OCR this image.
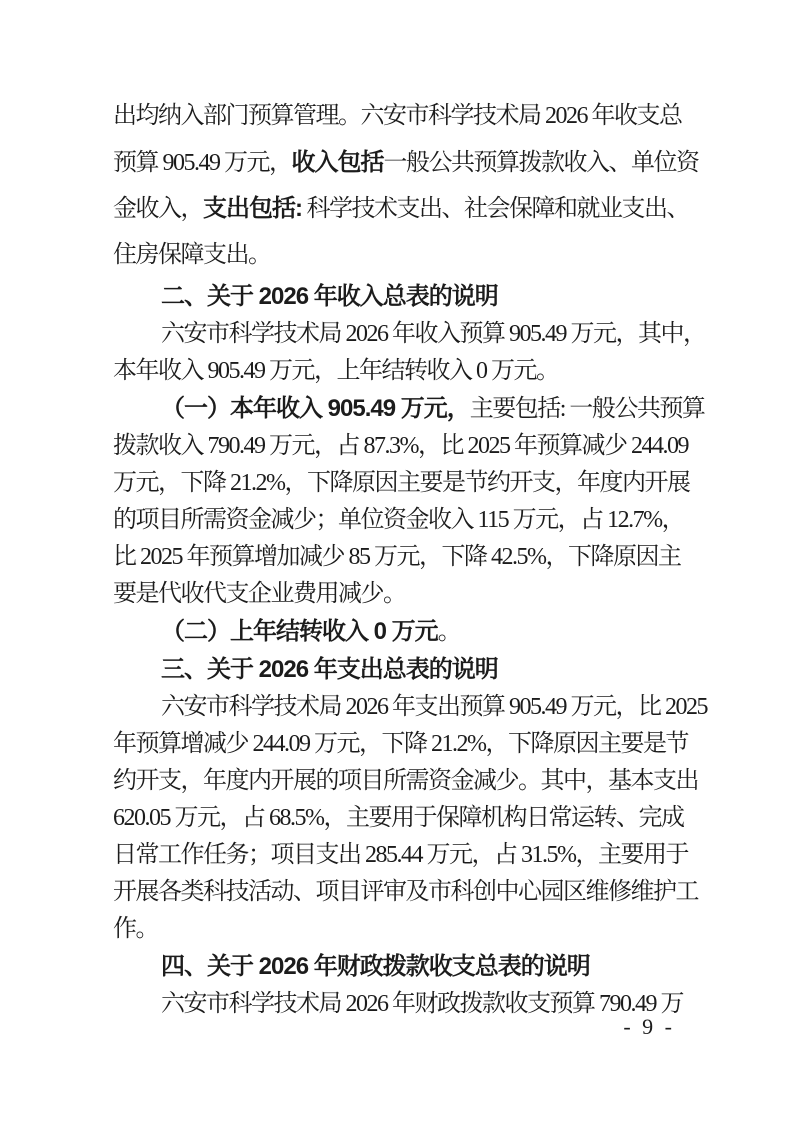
出均纳入部门预算管理。六安市科学技术局 2026 年收支总
预算 905.49 万元，收入包括一般公共预算拨款收入、单位资
金收入，支出包括: 科学技术支出、社会保障和就业支出、
住房保障支出。
二、关于 2026 年收入总表的说明
六安市科学技术局 2026 年收入预算 905.49 万元，其中，
本年收入 905.49 万元，上年结转收入 0 万元。
（一）本年收入 905.49 万元，主要包括: 一般公共预算
拨款收入 790.49 万元，占 87.3%，比 2025 年预算减少 244.09
万元，下降 21.2%，下降原因主要是节约开支，年度内开展
的项目所需资金减少；单位资金收入 115 万元，占 12.7%，
比 2025 年预算增加减少 85 万元，下降 42.5%，下降原因主
要是代收代支企业费用减少。
（二）上年结转收入 0 万元。
三、关于 2026 年支出总表的说明
六安市科学技术局 2026 年支出预算 905.49 万元，比 2025
年预算增减少 244.09 万元，下降 21.2%，下降原因主要是节
约开支，年度内开展的项目所需资金减少。其中，基本支出
620.05 万元，占 68.5%，主要用于保障机构日常运转、完成
日常工作任务；项目支出 285.44 万元，占 31.5%，主要用于
开展各类科技活动、项目评审及市科创中心园区维修维护工
作。
四、关于 2026 年财政拨款收支总表的说明
六安市科学技术局 2026 年财政拨款收支预算 790.49 万
- 9 -
